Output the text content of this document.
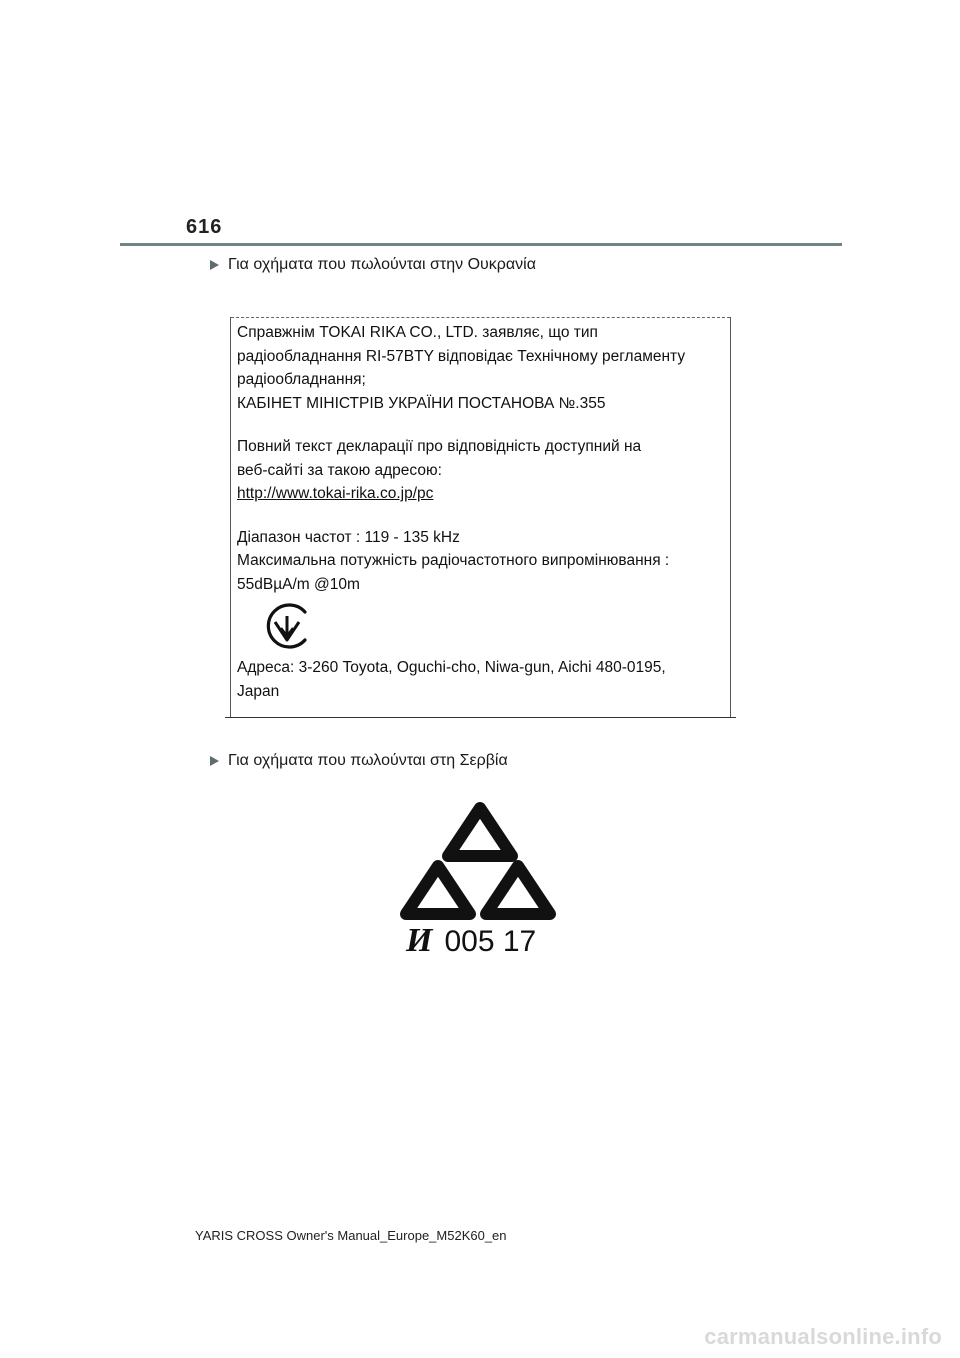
616
Για οχήματα που πωλούνται στην Ουκρανία

Справжнім TOKAI RIKA CO., LTD. заявляє, що тип

радіообладнання RI-57BTY відповідає Технічному регламенту

радіообладнання;

КАБІНЕТ МІНІСТРІВ УКРАЇНИ ПОСТАНОВА №.355

Повний текст декларації про відповідність доступний на

веб-сайті за такою адресою:

http://www.tokai-rika.co.jp/pc

Діапазон частот : 119 - 135 kHz

Максимальна потужність радіочастотного випромінювання :

55dBµA/m @10m

Адреса: 3-260 Toyota, Oguchi-cho, Niwa-gun, Aichi 480-0195,

Japan

Για οχήματα που πωλούνται στη Σερβία
И 005 17
YARIS CROSS Owner's Manual_Europe_M52K60_en
carmanualsonline.info
